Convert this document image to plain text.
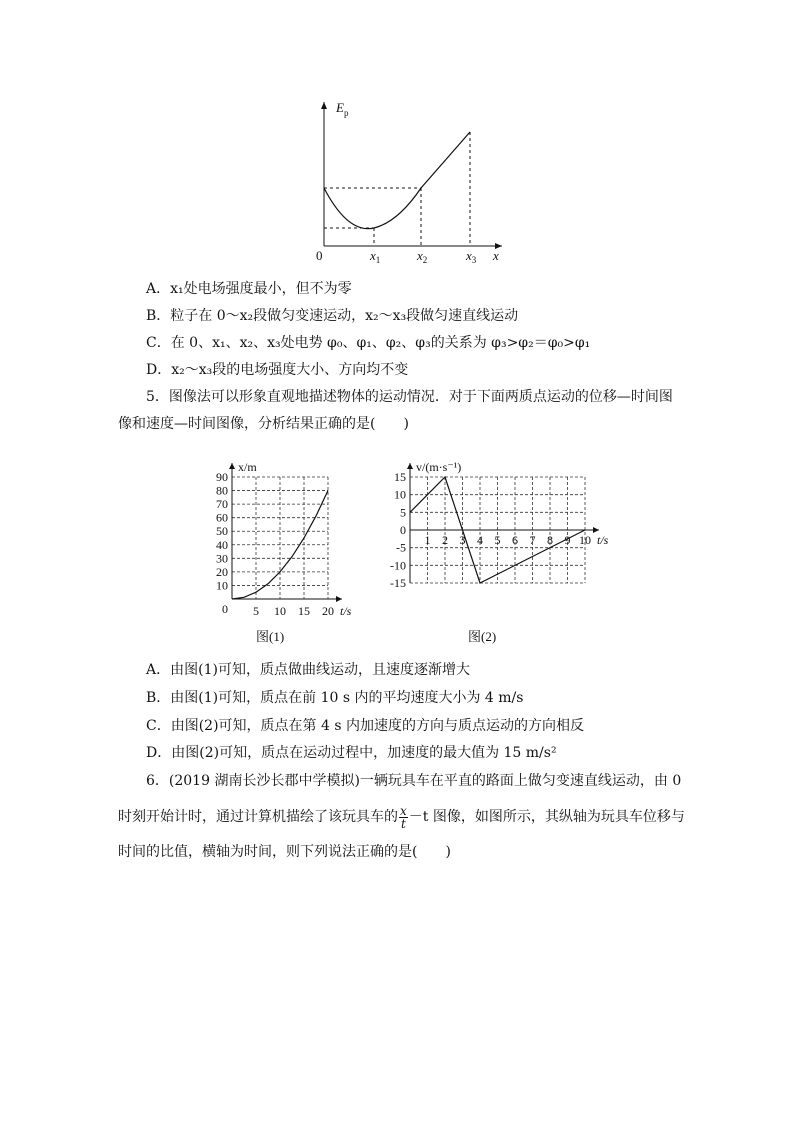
$E_p$
0	$x_1$	$x_2$	$x_3$ x
A．x₁处电场强度最小，但不为零
B．粒子在 0～x₂段做匀变速运动，x₂～x₃段做匀速直线运动
C．在 0、x₁、x₂、x₃处电势 φ₀、φ₁、φ₂、φ₃的关系为 φ₃>φ₂＝φ₀>φ₁
D．x₂～x₃段的电场强度大小、方向均不变
5．图像法可以形象直观地描述物体的运动情况．对于下面两质点运动的位移—时间图
像和速度—时间图像，分析结果正确的是(　　)
10
20
30
40
50
60
70
80
90
5 10 15 20
0	t/s
x/m
图(1)
-15
-10
-5
0
5
10
15
1 2 3 4 5 6 7 8 9 10 t/s
v/(m·s⁻¹)
图(2)
A．由图(1)可知，质点做曲线运动，且速度逐渐增大
B．由图(1)可知，质点在前 10 s 内的平均速度大小为 4 m/s
C．由图(2)可知，质点在第 4 s 内加速度的方向与质点运动的方向相反
D．由图(2)可知，质点在运动过程中，加速度的最大值为 15 m/s²
6．(2019 湖南长沙长郡中学模拟)一辆玩具车在平直的路面上做匀变速直线运动，由 0
时刻开始计时，通过计算机描绘了该玩具车的 $\frac{x}{t} -t$ 图像，如图所示，其纵轴为玩具车位移与
时间的比值，横轴为时间，则下列说法正确的是(　　)
